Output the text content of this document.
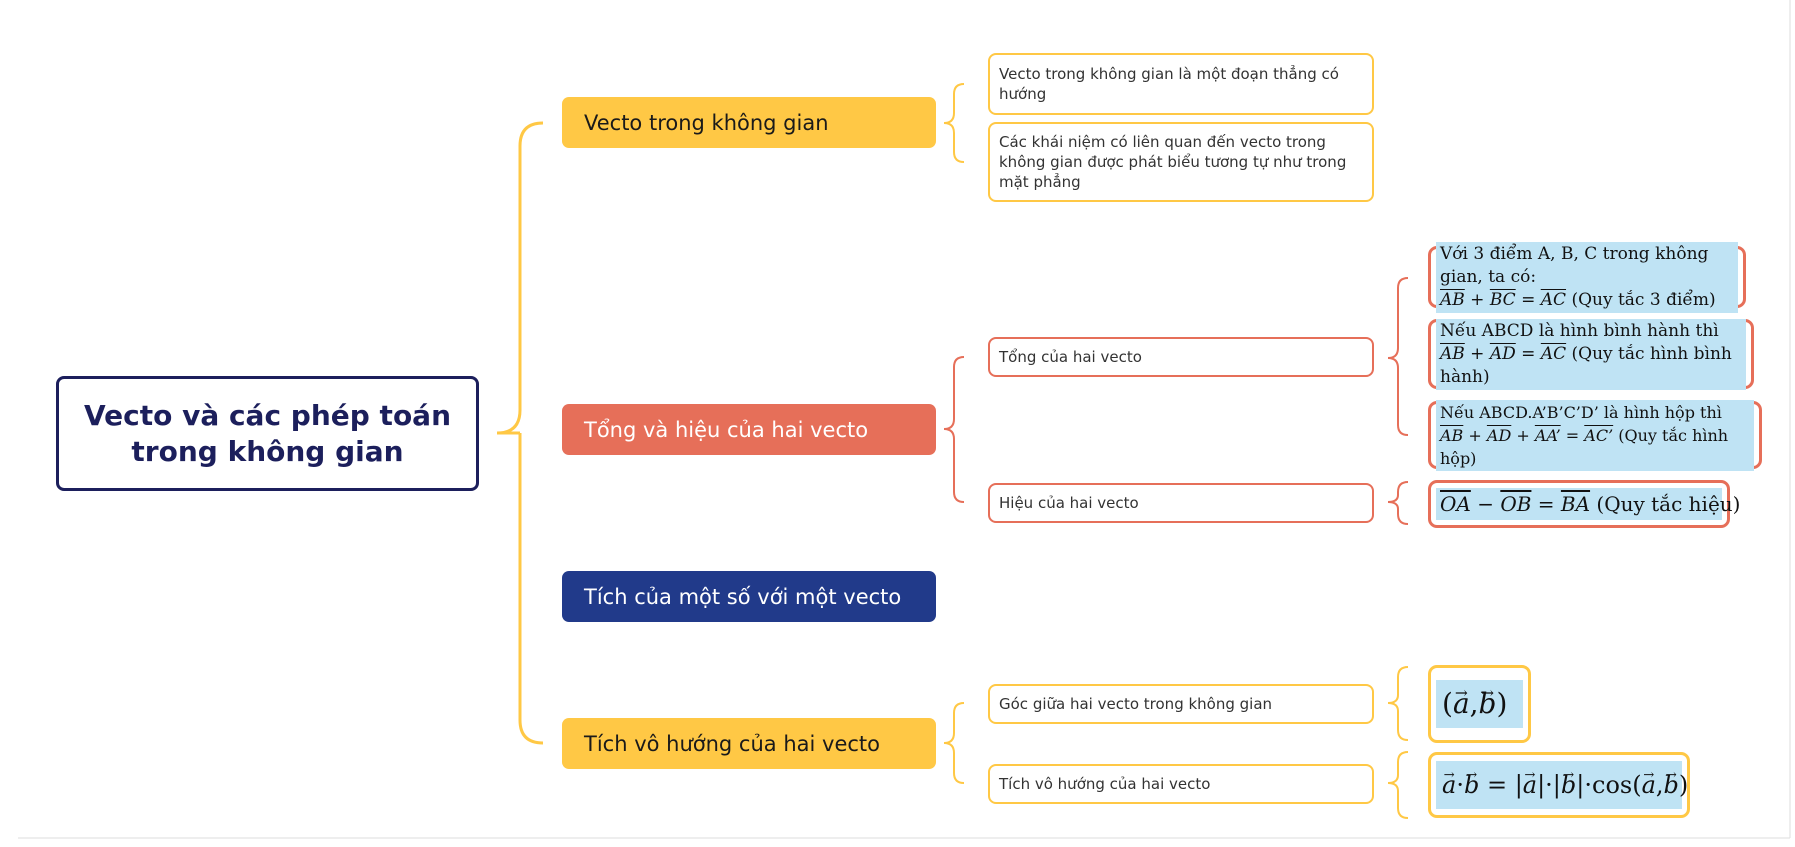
Vecto và các phép toán trong không gian
Vecto trong không gian
Vecto trong không gian là một đoạn thẳng có hướng
Các khái niệm có liên quan đến vecto trong không gian được phát biểu tương tự như trong mặt phẳng
Tổng và hiệu của hai vecto
Tổng của hai vecto
Hiệu của hai vecto
Với 3 điểm A, B, C trong không gian, ta có:
$\overline{AB} + \overline{BC} = \overline{AC}$ (Quy tắc 3 điểm)
Nếu ABCD là hình bình hành thì
$\overline{AB} + \overline{AD} = \overline{AC}$ (Quy tắc hình bình hành)
Nếu ABCD.A’B’C’D’ là hình hộp thì
$\overline{AB} + \overline{AD}$ + AA’ = AC’ (Quy tắc hình hộp)
$\overline{OA} - \overline{OB} = \overline{BA}$ (Quy tắc hiệu)
Tích của một số với một vecto
Tích vô hướng của hai vecto
Góc giữa hai vecto trong không gian
Tích vô hướng của hai vecto
(→ a,→ b)
→ a·→ b = |→ a|·|→ b|·cos(→ a,→ b)
